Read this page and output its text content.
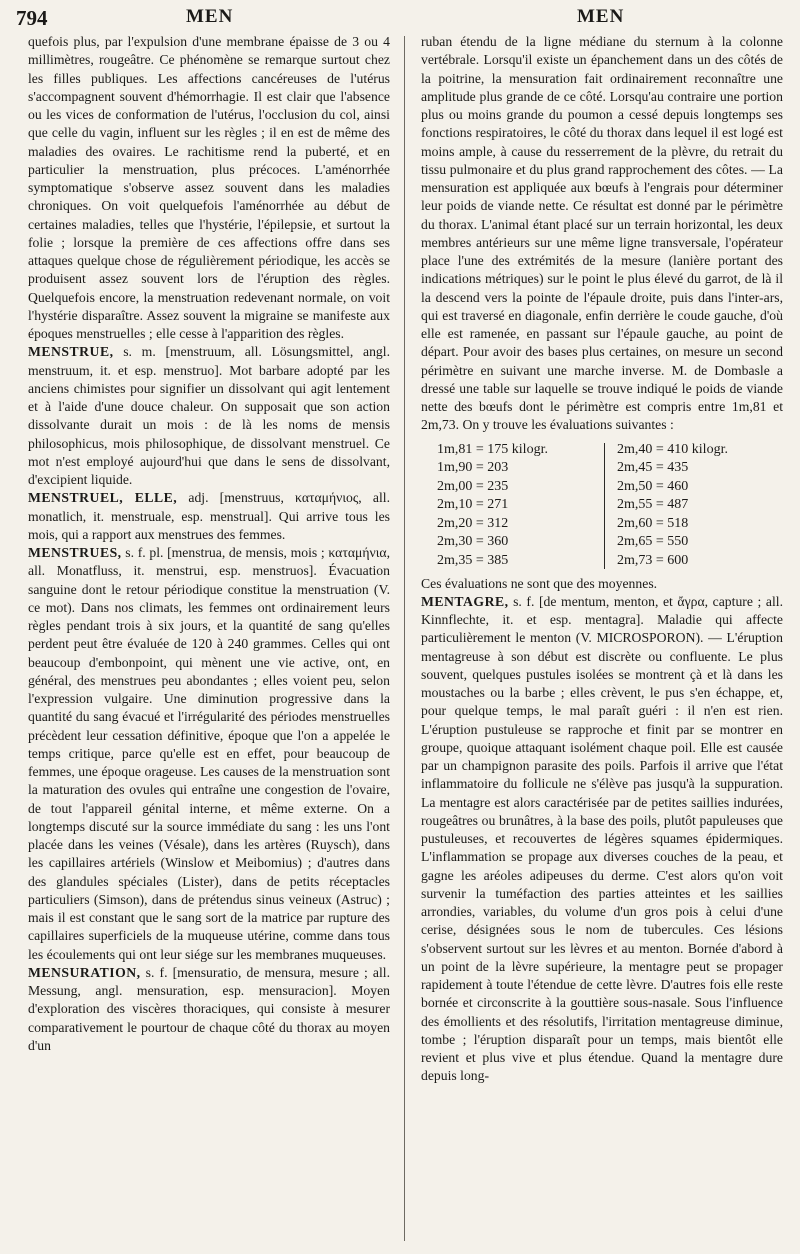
794	MEN	MEN

quefois plus, par l'expulsion d'une membrane épaisse de 3 ou 4 millimètres, rougeâtre. Ce phénomène se remarque surtout chez les filles publiques. Les affections cancéreuses de l'utérus s'accompagnent souvent d'hémorrhagie. Il est clair que l'absence ou les vices de conformation de l'utérus, l'occlusion du col, ainsi que celle du vagin, influent sur les règles ; il en est de même des maladies des ovaires. Le rachitisme rend la puberté, et en particulier la menstruation, plus précoces. L'aménorrhée symptomatique s'observe assez souvent dans les maladies chroniques. On voit quelquefois l'aménorrhée au début de certaines maladies, telles que l'hystérie, l'épilepsie, et surtout la folie ; lorsque la première de ces affections offre dans ses attaques quelque chose de régulièrement périodique, les accès se produisent assez souvent lors de l'éruption des règles. Quelquefois encore, la menstruation redevenant normale, on voit l'hystérie disparaître. Assez souvent la migraine se manifeste aux époques menstruelles ; elle cesse à l'apparition des règles.

MENSTRUE, s. m. [menstruum, all. Lösungsmittel, angl. menstruum, it. et esp. menstruo]. Mot barbare adopté par les anciens chimistes pour signifier un dissolvant qui agit lentement et à l'aide d'une douce chaleur. On supposait que son action dissolvante durait un mois : de là les noms de mensis philosophicus, mois philosophique, de dissolvant menstruel. Ce mot n'est employé aujourd'hui que dans le sens de dissolvant, d'excipient liquide.

MENSTRUEL, ELLE, adj. [menstruus, καταμήνιος, all. monatlich, it. menstruale, esp. menstrual]. Qui arrive tous les mois, qui a rapport aux menstrues des femmes.

MENSTRUES, s. f. pl. [menstrua, de mensis, mois ; καταμήνια, all. Monatfluss, it. menstrui, esp. menstruos]. Évacuation sanguine dont le retour périodique constitue la menstruation (V. ce mot). Dans nos climats, les femmes ont ordinairement leurs règles pendant trois à six jours, et la quantité de sang qu'elles perdent peut être évaluée de 120 à 240 grammes. Celles qui ont beaucoup d'embonpoint, qui mènent une vie active, ont, en général, des menstrues peu abondantes ; elles voient peu, selon l'expression vulgaire. Une diminution progressive dans la quantité du sang évacué et l'irrégularité des périodes menstruelles précèdent leur cessation définitive, époque que l'on a appelée le temps critique, parce qu'elle est en effet, pour beaucoup de femmes, une époque orageuse. Les causes de la menstruation sont la maturation des ovules qui entraîne une congestion de l'ovaire, de tout l'appareil génital interne, et même externe. On a longtemps discuté sur la source immédiate du sang : les uns l'ont placée dans les veines (Vésale), dans les artères (Ruysch), dans les capillaires artériels (Winslow et Meibomius) ; d'autres dans des glandules spéciales (Lister), dans de petits réceptacles particuliers (Simson), dans de prétendus sinus veineux (Astruc) ; mais il est constant que le sang sort de la matrice par rupture des capillaires superficiels de la muqueuse utérine, comme dans tous les écoulements qui ont leur siége sur les membranes muqueuses.

MENSURATION, s. f. [mensuratio, de mensura, mesure ; all. Messung, angl. mensuration, esp. mensuracion]. Moyen d'exploration des viscères thoraciques, qui consiste à mesurer comparativement le pourtour de chaque côté du thorax au moyen d'un

ruban étendu de la ligne médiane du sternum à la colonne vertébrale. Lorsqu'il existe un épanchement dans un des côtés de la poitrine, la mensuration fait ordinairement reconnaître une amplitude plus grande de ce côté. Lorsqu'au contraire une portion plus ou moins grande du poumon a cessé depuis longtemps ses fonctions respiratoires, le côté du thorax dans lequel il est logé est moins ample, à cause du resserrement de la plèvre, du retrait du tissu pulmonaire et du plus grand rapprochement des côtes. — La mensuration est appliquée aux bœufs à l'engrais pour déterminer leur poids de viande nette. Ce résultat est donné par le périmètre du thorax. L'animal étant placé sur un terrain horizontal, les deux membres antérieurs sur une même ligne transversale, l'opérateur place l'une des extrémités de la mesure (lanière portant des indications métriques) sur le point le plus élevé du garrot, de là il la descend vers la pointe de l'épaule droite, puis dans l'inter-ars, qui est traversé en diagonale, enfin derrière le coude gauche, d'où elle est ramenée, en passant sur l'épaule gauche, au point de départ. Pour avoir des bases plus certaines, on mesure un second périmètre en suivant une marche inverse. M. de Dombasle a dressé une table sur laquelle se trouve indiqué le poids de viande nette des bœufs dont le périmètre est compris entre 1m,81 et 2m,73. On y trouve les évaluations suivantes :

1m,81 = 175 kilogr.
1m,90 = 203
2m,00 = 235
2m,10 = 271
2m,20 = 312
2m,30 = 360
2m,35 = 385
2m,40 = 410 kilogr.
2m,45 = 435
2m,50 = 460
2m,55 = 487
2m,60 = 518
2m,65 = 550
2m,73 = 600

Ces évaluations ne sont que des moyennes.

MENTAGRE, s. f. [de mentum, menton, et ἄγρα, capture ; all. Kinnflechte, it. et esp. mentagra]. Maladie qui affecte particulièrement le menton (V. MICROSPORON). — L'éruption mentagreuse à son début est discrète ou confluente. Le plus souvent, quelques pustules isolées se montrent çà et là dans les moustaches ou la barbe ; elles crèvent, le pus s'en échappe, et, pour quelque temps, le mal paraît guéri : il n'en est rien. L'éruption pustuleuse se rapproche et finit par se montrer en groupe, quoique attaquant isolément chaque poil. Elle est causée par un champignon parasite des poils. Parfois il arrive que l'état inflammatoire du follicule ne s'élève pas jusqu'à la suppuration. La mentagre est alors caractérisée par de petites saillies indurées, rougeâtres ou brunâtres, à la base des poils, plutôt papuleuses que pustuleuses, et recouvertes de légères squames épidermiques. L'inflammation se propage aux diverses couches de la peau, et gagne les aréoles adipeuses du derme. C'est alors qu'on voit survenir la tuméfaction des parties atteintes et les saillies arrondies, variables, du volume d'un gros pois à celui d'une cerise, désignées sous le nom de tubercules. Ces lésions s'observent surtout sur les lèvres et au menton. Bornée d'abord à un point de la lèvre supérieure, la mentagre peut se propager rapidement à toute l'étendue de cette lèvre. D'autres fois elle reste bornée et circonscrite à la gouttière sous-nasale. Sous l'influence des émollients et des résolutifs, l'irritation mentagreuse diminue, tombe ; l'éruption disparaît pour un temps, mais bientôt elle revient et plus vive et plus étendue. Quand la mentagre dure depuis long-
